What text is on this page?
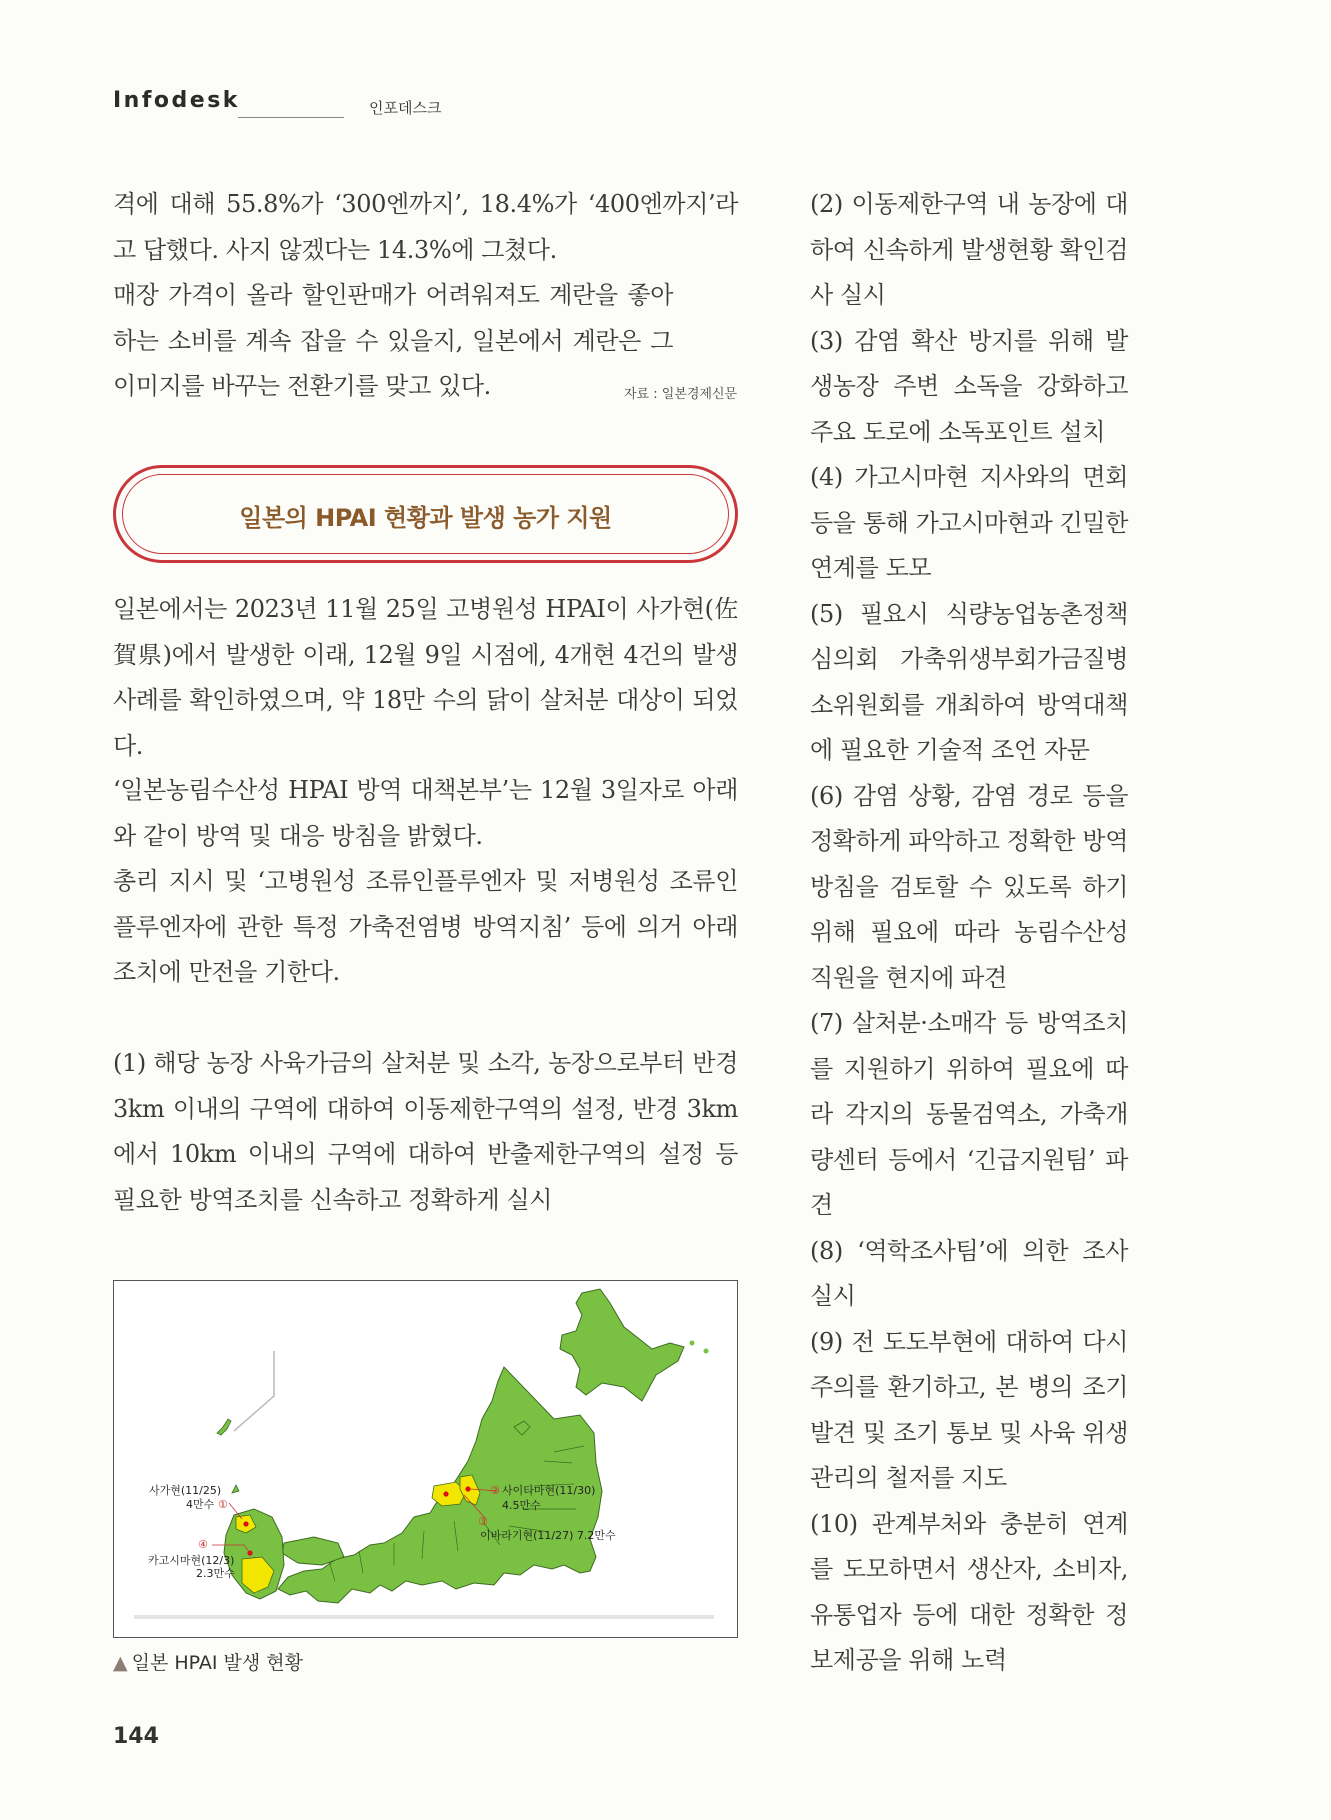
Infodesk	인포데스크

격에 대해 55.8%가 ‘300엔까지’, 18.4%가 ‘400엔까지’라고 답했다. 사지 않겠다는 14.3%에 그쳤다.

매장 가격이 올라 할인판매가 어려워져도 계란을 좋아하는 소비를 계속 잡을 수 있을지, 일본에서 계란은 그 이미지를 바꾸는 전환기를 맞고 있다.	자료 : 일본경제신문
일본의 HPAI 현황과 발생 농가 지원

일본에서는 2023년 11월 25일 고병원성 HPAI이 사가현(佐賀県)에서 발생한 이래, 12월 9일 시점에, 4개현 4건의 발생사례를 확인하였으며, 약 18만 수의 닭이 살처분 대상이 되었다.

‘일본농림수산성 HPAI 방역 대책본부’는 12월 3일자로 아래와 같이 방역 및 대응 방침을 밝혔다.

총리 지시 및 ‘고병원성 조류인플루엔자 및 저병원성 조류인플루엔자에 관한 특정 가축전염병 방역지침’ 등에 의거 아래 조치에 만전을 기한다.

(1) 해당 농장 사육가금의 살처분 및 소각, 농장으로부터 반경 3km 이내의 구역에 대하여 이동제한구역의 설정, 반경 3km에서 10km 이내의 구역에 대하여 반출제한구역의 설정 등 필요한 방역조치를 신속하고 정확하게 실시

사가현(11/25)
4만수 ①
② 사이타마현(11/30)
4.5만수
③
이바라기현(11/27) 7.2만수
④
카고시마현(12/3)
2.3만수
▲ 일본 HPAI 발생 현황

(2) 이동제한구역 내 농장에 대하여 신속하게 발생현황 확인검사 실시

(3) 감염 확산 방지를 위해 발생농장 주변 소독을 강화하고 주요 도로에 소독포인트 설치

(4) 가고시마현 지사와의 면회 등을 통해 가고시마현과 긴밀한 연계를 도모

(5) 필요시 식량농업농촌정책심의회 가축위생부회가금질병소위원회를 개최하여 방역대책에 필요한 기술적 조언 자문

(6) 감염 상황, 감염 경로 등을 정확하게 파악하고 정확한 방역 방침을 검토할 수 있도록 하기 위해 필요에 따라 농림수산성 직원을 현지에 파견

(7) 살처분·소매각 등 방역조치를 지원하기 위하여 필요에 따라 각지의 동물검역소, 가축개량센터 등에서 ‘긴급지원팀’ 파견

(8) ‘역학조사팀’에 의한 조사실시

(9) 전 도도부현에 대하여 다시 주의를 환기하고, 본 병의 조기발견 및 조기 통보 및 사육 위생 관리의 철저를 지도

(10) 관계부처와 충분히 연계를 도모하면서 생산자, 소비자, 유통업자 등에 대한 정확한 정보제공을 위해 노력

144
